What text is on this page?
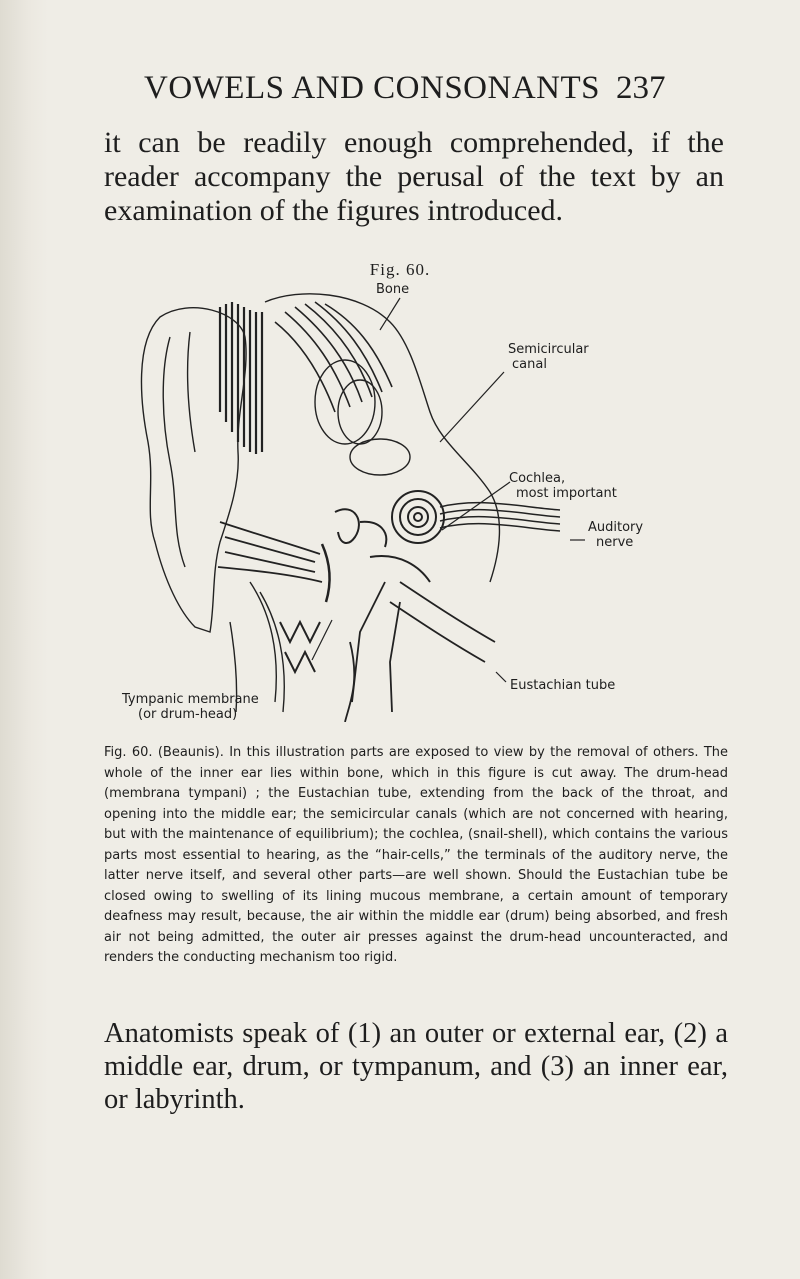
VOWELS AND CONSONANTS 237

it can be readily enough comprehended, if the reader accompany the perusal of the text by an examination of the figures introduced.

Fig. 60.
Bone
Semicircular
canal
Cochlea,
most important
Auditory
nerve
Eustachian tube
Tympanic membrane
(or drum-head)

Fig. 60. (Beaunis). In this illustration parts are exposed to view by the removal of others. The whole of the inner ear lies within bone, which in this figure is cut away. The drum-head (membrana tympani) ; the Eustachian tube, extending from the back of the throat, and opening into the middle ear; the semicircular canals (which are not concerned with hearing, but with the maintenance of equilibrium); the cochlea, (snail-shell), which contains the various parts most essential to hearing, as the “hair-cells,” the terminals of the auditory nerve, the latter nerve itself, and several other parts—are well shown. Should the Eustachian tube be closed owing to swelling of its lining mucous membrane, a certain amount of temporary deafness may result, because, the air within the middle ear (drum) being absorbed, and fresh air not being admitted, the outer air presses against the drum-head uncounteracted, and renders the conducting mechanism too rigid.

Anatomists speak of (1) an outer or external ear, (2) a middle ear, drum, or tympanum, and (3) an inner ear, or labyrinth.
